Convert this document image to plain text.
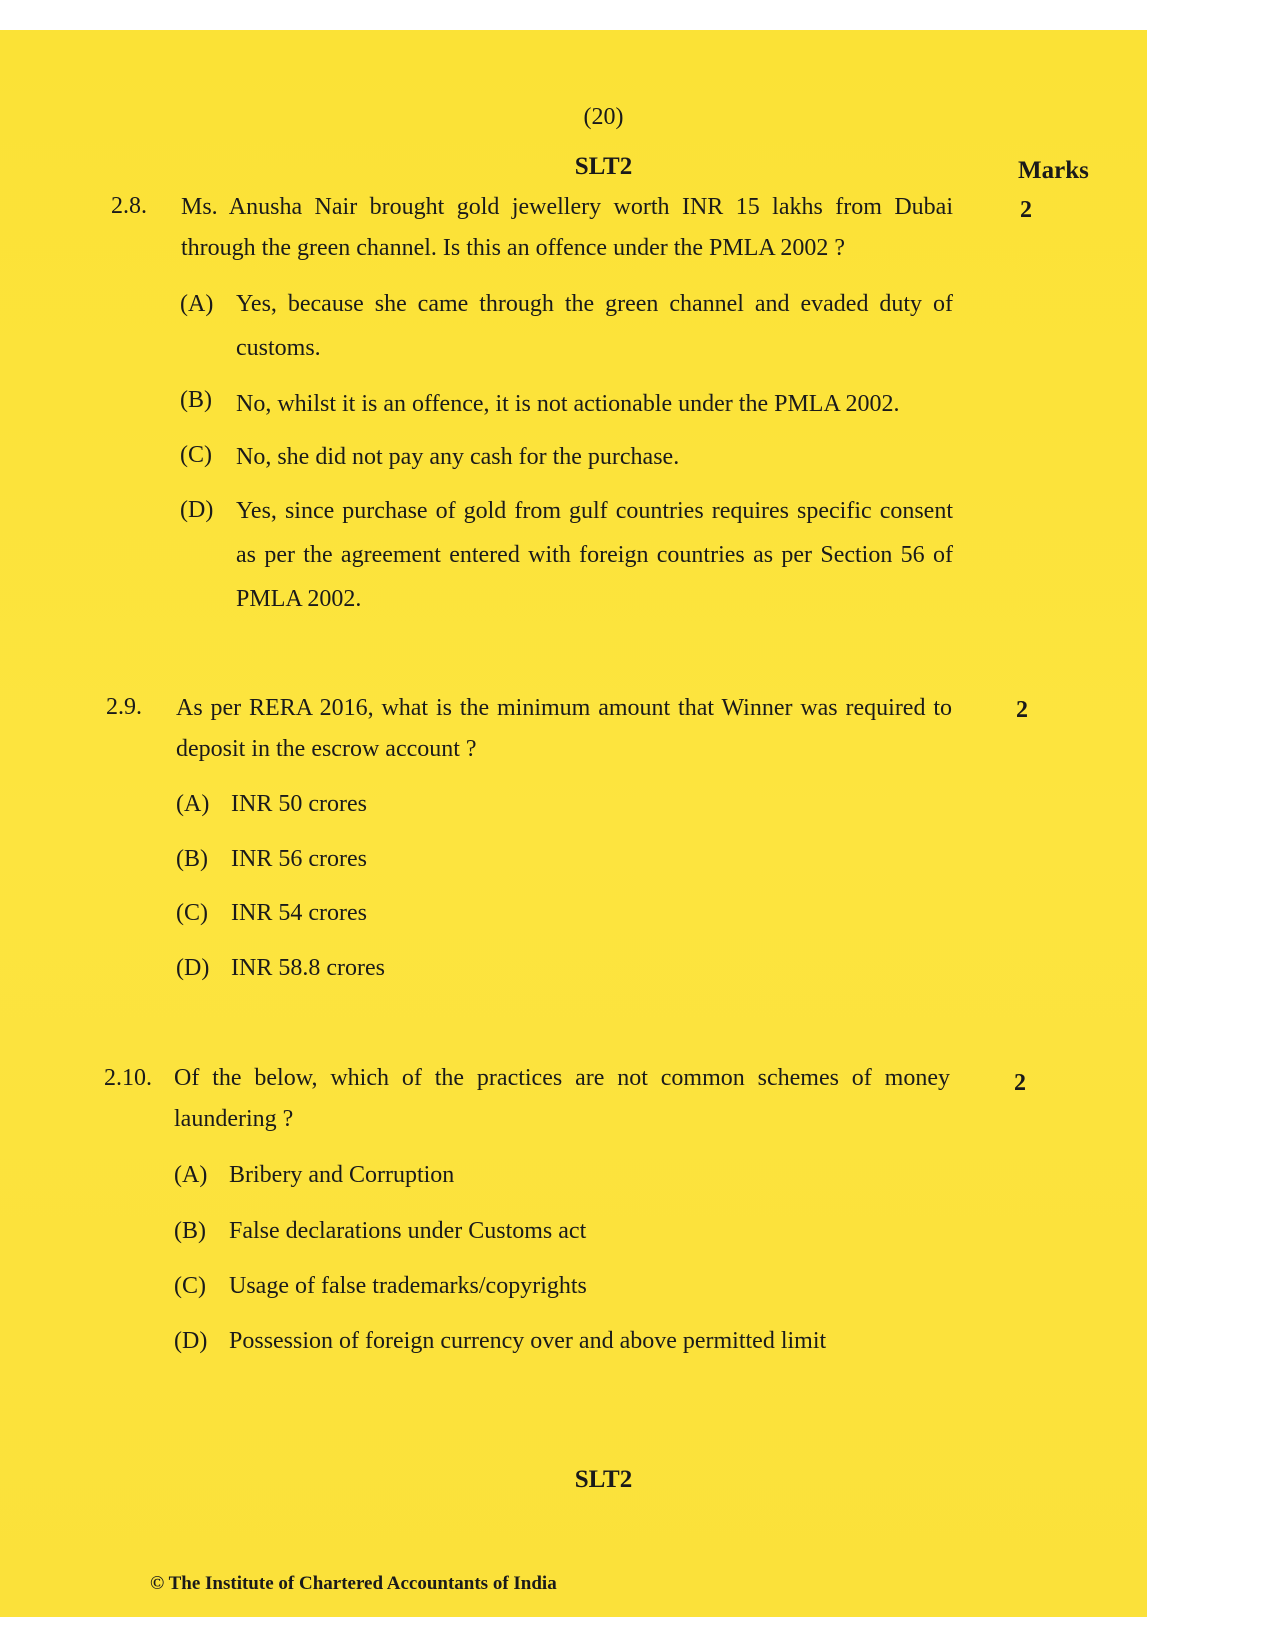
(20)
SLT2	Marks
2.8. Ms. Anusha Nair brought gold jewellery worth INR 15 lakhs from Dubai through the green channel. Is this an offence under the PMLA 2002 ?
2
(A) Yes, because she came through the green channel and evaded duty of customs.
(B) No, whilst it is an offence, it is not actionable under the PMLA 2002.
(C) No, she did not pay any cash for the purchase.
(D) Yes, since purchase of gold from gulf countries requires specific consent as per the agreement entered with foreign countries as per Section 56 of PMLA 2002.
2.9. As per RERA 2016, what is the minimum amount that Winner was required to deposit in the escrow account ?
2
(A) INR 50 crores
(B) INR 56 crores
(C) INR 54 crores
(D) INR 58.8 crores
2.10. Of the below, which of the practices are not common schemes of money laundering ?
2
(A) Bribery and Corruption
(B) False declarations under Customs act
(C) Usage of false trademarks/copyrights
(D) Possession of foreign currency over and above permitted limit
SLT2
© The Institute of Chartered Accountants of India
